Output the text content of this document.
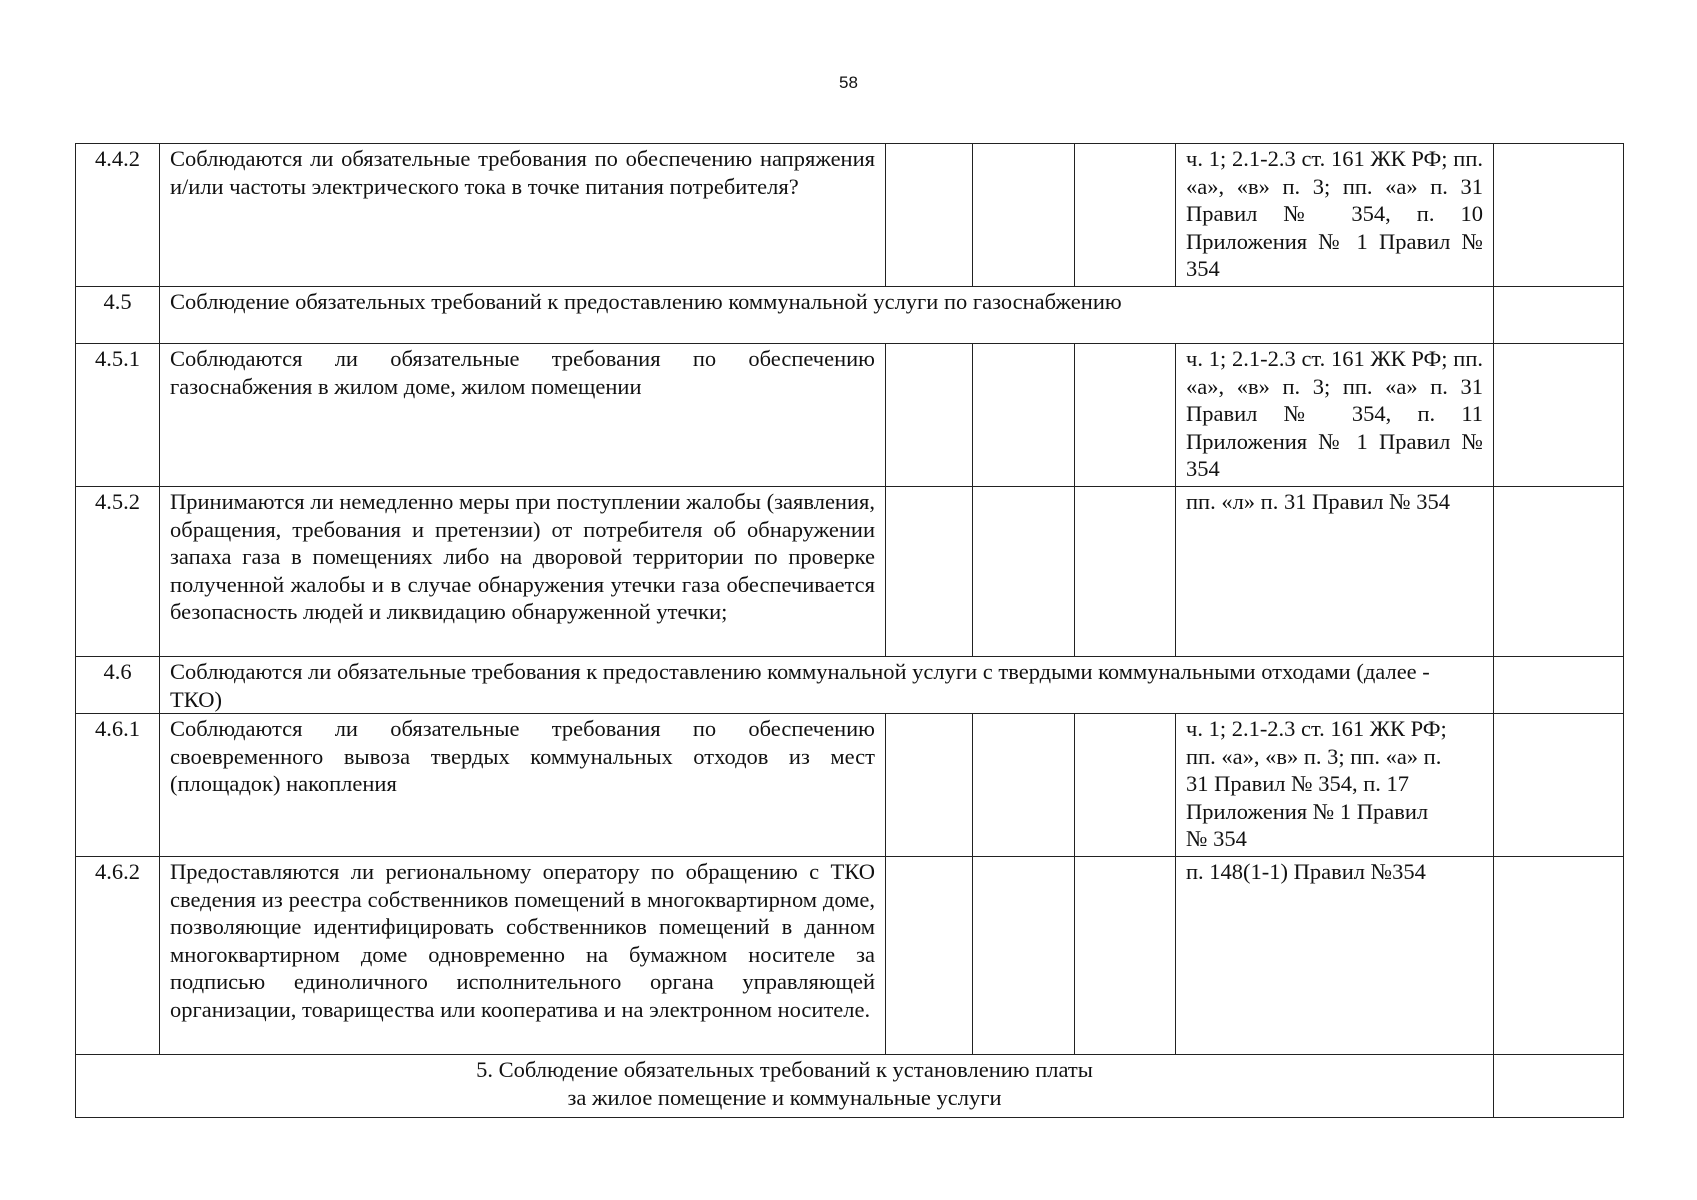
58
4.4.2	Соблюдаются ли обязательные требования по обеспечению напряжения и/или частоты электрического тока в точке питания потребителя?				ч. 1; 2.1-2.3 ст. 161 ЖК РФ; пп. «а», «в» п. 3; пп. «а» п. 31 Правил № 354, п. 10 Приложения № 1 Правил № 354	
4.5	Соблюдение обязательных требований к предоставлению коммунальной услуги по газоснабжению					
4.5.1	Соблюдаются ли обязательные требования по обеспечению газоснабжения в жилом доме, жилом помещении				ч. 1; 2.1-2.3 ст. 161 ЖК РФ; пп. «а», «в» п. 3; пп. «а» п. 31 Правил № 354, п. 11 Приложения № 1 Правил № 354	
4.5.2	Принимаются ли немедленно меры при поступлении жалобы (заявления, обращения, требования и претензии) от потребителя об обнаружении запаха газа в помещениях либо на дворовой территории по проверке полученной жалобы и в случае обнаружения утечки газа обеспечивается безопасность людей и ликвидацию обнаруженной утечки;				пп. «л» п. 31 Правил № 354	
4.6	Соблюдаются ли обязательные требования к предоставлению коммунальной услуги с твердыми коммунальными отходами (далее - ТКО)					
4.6.1	Соблюдаются ли обязательные требования по обеспечению своевременного вывоза твердых коммунальных отходов из мест (площадок) накопления				ч. 1; 2.1-2.3 ст. 161 ЖК РФ;
пп. «а», «в» п. 3; пп. «а» п.
31 Правил № 354, п. 17
Приложения № 1 Правил
№ 354	

4.6.2	Предоставляются ли региональному оператору по обращению с ТКО сведения из реестра собственников помещений в многоквартирном доме, позволяющие идентифицировать собственников помещений в данном многоквартирном доме одновременно на бумажном носителе за подписью единоличного исполнительного органа управляющей организации, товарищества или кооператива и на электронном носителе.				п. 148(1-1) Правил №354	

5. Соблюдение обязательных требований к установлению платы
за жилое помещение и коммунальные услуги						
